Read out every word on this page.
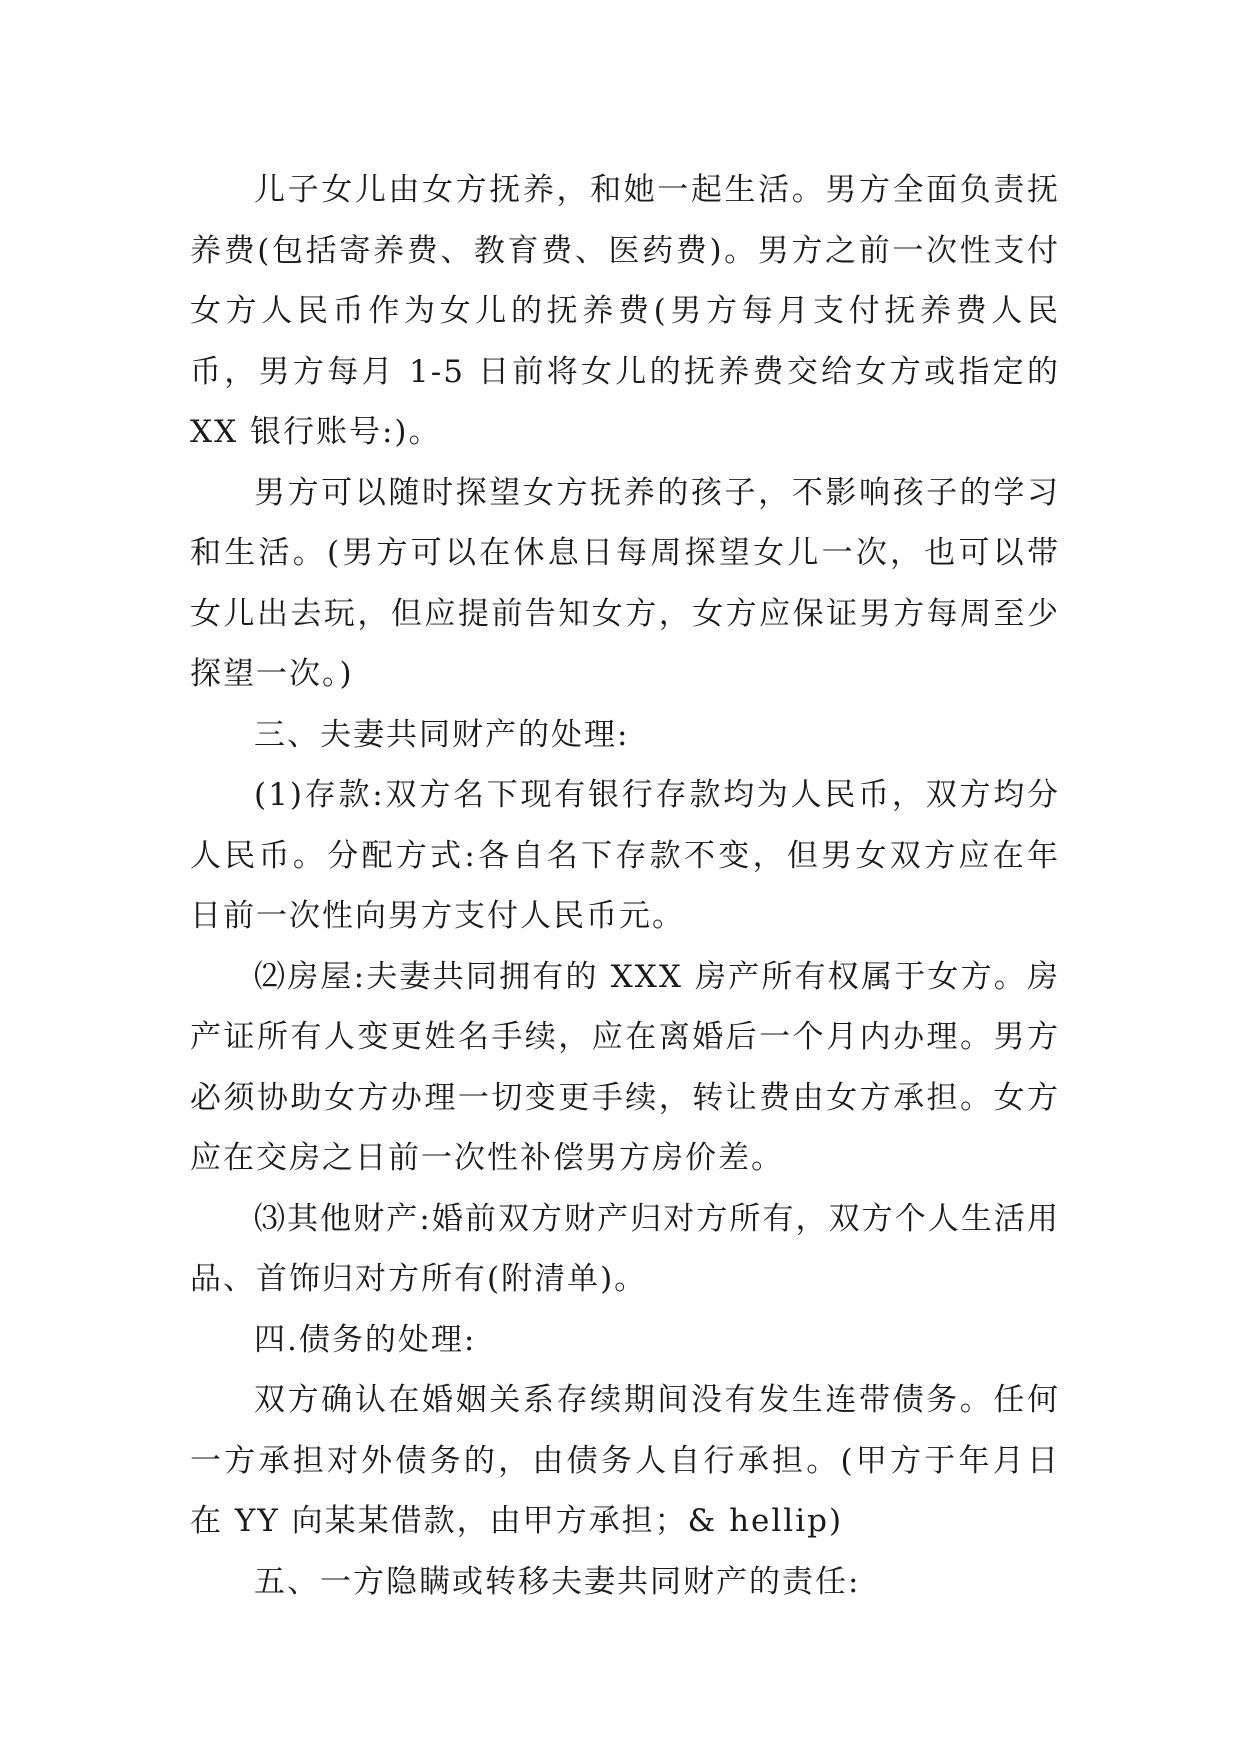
儿子女儿由女方抚养，和她一起生活。男方全面负责抚养费(包括寄养费、教育费、医药费)。男方之前一次性支付女方人民币作为女儿的抚养费(男方每月支付抚养费人民币，男方每月 1-5 日前将女儿的抚养费交给女方或指定的 XX 银行账号:)。

男方可以随时探望女方抚养的孩子，不影响孩子的学习和生活。(男方可以在休息日每周探望女儿一次，也可以带女儿出去玩，但应提前告知女方，女方应保证男方每周至少探望一次。)

三、夫妻共同财产的处理:

(1)存款:双方名下现有银行存款均为人民币，双方均分人民币。分配方式:各自名下存款不变，但男女双方应在年日前一次性向男方支付人民币元。

⑵房屋:夫妻共同拥有的 XXX 房产所有权属于女方。房产证所有人变更姓名手续，应在离婚后一个月内办理。男方必须协助女方办理一切变更手续，转让费由女方承担。女方应在交房之日前一次性补偿男方房价差。

⑶其他财产:婚前双方财产归对方所有，双方个人生活用品、首饰归对方所有(附清单)。

四.债务的处理:

双方确认在婚姻关系存续期间没有发生连带债务。任何一方承担对外债务的，由债务人自行承担。(甲方于年月日在 YY 向某某借款，由甲方承担；& hellip)

五、一方隐瞒或转移夫妻共同财产的责任:
